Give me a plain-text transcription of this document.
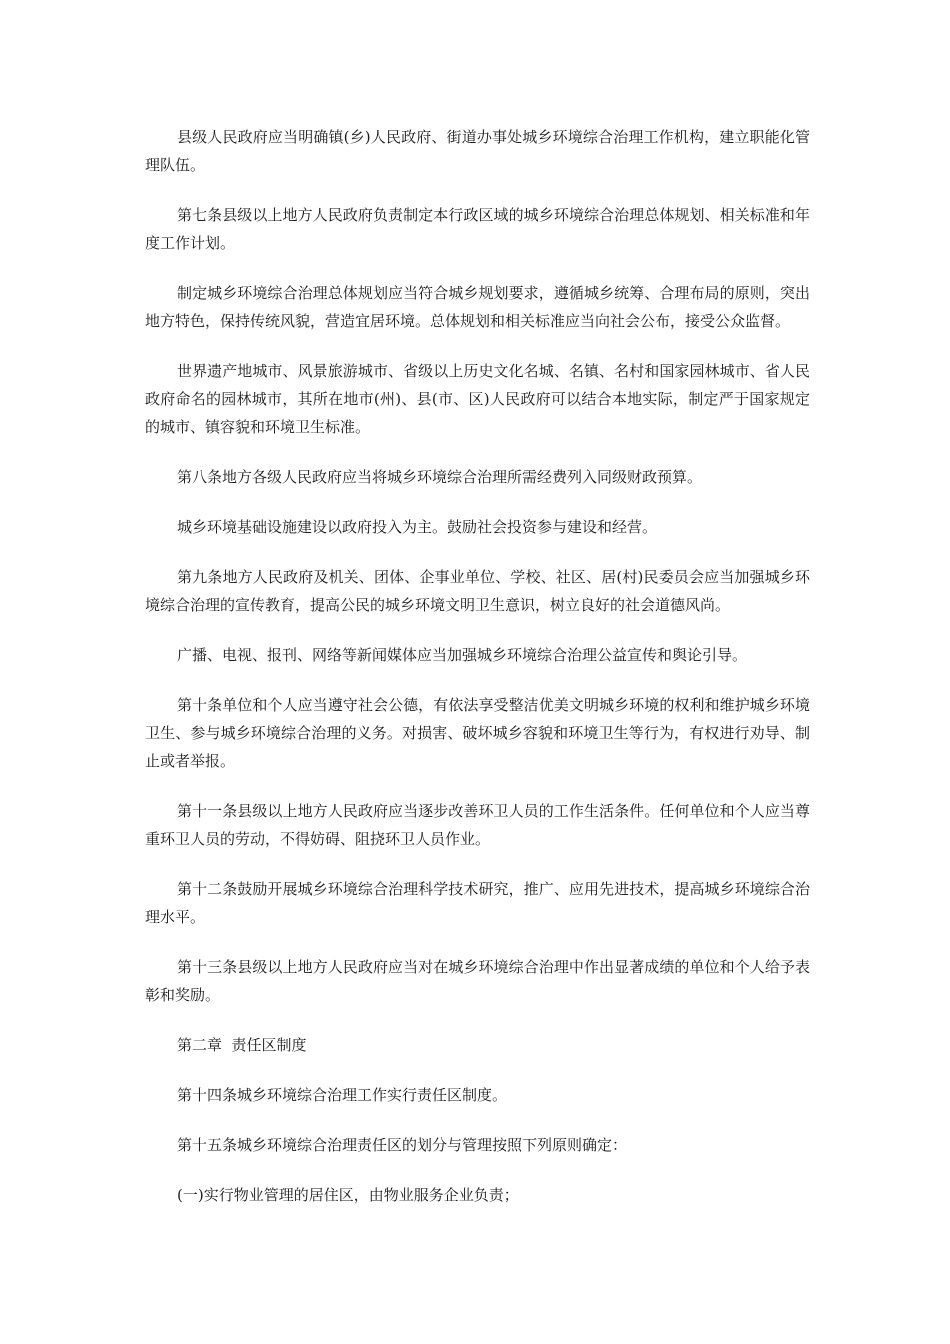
县级人民政府应当明确镇(乡)人民政府、街道办事处城乡环境综合治理工作机构，建立职能化管理队伍。

第七条县级以上地方人民政府负责制定本行政区域的城乡环境综合治理总体规划、相关标准和年度工作计划。

制定城乡环境综合治理总体规划应当符合城乡规划要求，遵循城乡统筹、合理布局的原则，突出地方特色，保持传统风貌，营造宜居环境。总体规划和相关标准应当向社会公布，接受公众监督。

世界遗产地城市、风景旅游城市、省级以上历史文化名城、名镇、名村和国家园林城市、省人民政府命名的园林城市，其所在地市(州)、县(市、区)人民政府可以结合本地实际，制定严于国家规定的城市、镇容貌和环境卫生标准。

第八条地方各级人民政府应当将城乡环境综合治理所需经费列入同级财政预算。

城乡环境基础设施建设以政府投入为主。鼓励社会投资参与建设和经营。

第九条地方人民政府及机关、团体、企事业单位、学校、社区、居(村)民委员会应当加强城乡环境综合治理的宣传教育，提高公民的城乡环境文明卫生意识，树立良好的社会道德风尚。

广播、电视、报刊、网络等新闻媒体应当加强城乡环境综合治理公益宣传和舆论引导。

第十条单位和个人应当遵守社会公德，有依法享受整洁优美文明城乡环境的权利和维护城乡环境卫生、参与城乡环境综合治理的义务。对损害、破坏城乡容貌和环境卫生等行为，有权进行劝导、制止或者举报。

第十一条县级以上地方人民政府应当逐步改善环卫人员的工作生活条件。任何单位和个人应当尊重环卫人员的劳动，不得妨碍、阻挠环卫人员作业。

第十二条鼓励开展城乡环境综合治理科学技术研究，推广、应用先进技术，提高城乡环境综合治理水平。

第十三条县级以上地方人民政府应当对在城乡环境综合治理中作出显著成绩的单位和个人给予表彰和奖励。

第二章  责任区制度

第十四条城乡环境综合治理工作实行责任区制度。

第十五条城乡环境综合治理责任区的划分与管理按照下列原则确定：

(一)实行物业管理的居住区，由物业服务企业负责；
